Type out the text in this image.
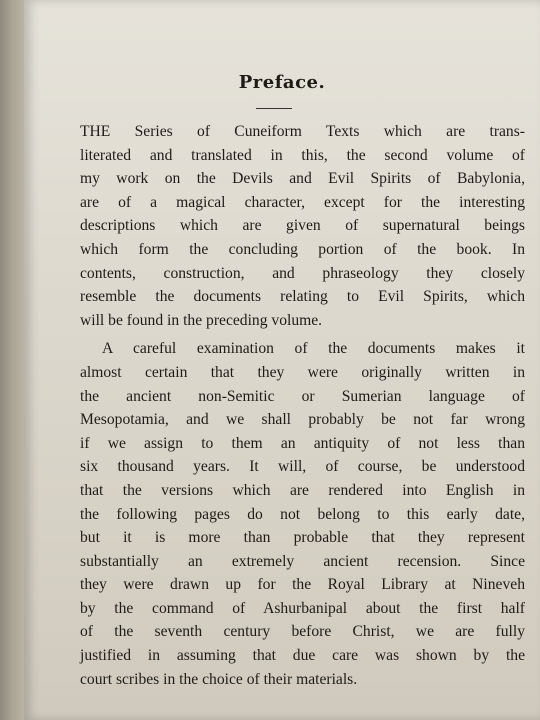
Preface.
THE Series of Cuneiform Texts which are trans-
literated and translated in this, the second volume of
my work on the Devils and Evil Spirits of Babylonia,
are of a magical character, except for the interesting
descriptions which are given of supernatural beings
which form the concluding portion of the book. In
contents, construction, and phraseology they closely
resemble the documents relating to Evil Spirits, which
will be found in the preceding volume.
A careful examination of the documents makes it
almost certain that they were originally written in
the ancient non-Semitic or Sumerian language of
Mesopotamia, and we shall probably be not far wrong
if we assign to them an antiquity of not less than
six thousand years. It will, of course, be understood
that the versions which are rendered into English in
the following pages do not belong to this early date,
but it is more than probable that they represent
substantially an extremely ancient recension. Since
they were drawn up for the Royal Library at Nineveh
by the command of Ashurbanipal about the first half
of the seventh century before Christ, we are fully
justified in assuming that due care was shown by the
court scribes in the choice of their materials.
